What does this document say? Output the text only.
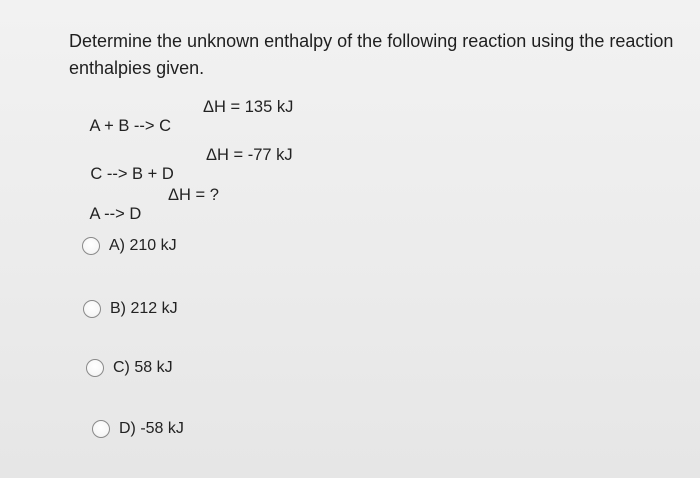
Determine the unknown enthalpy of the following reaction using the reaction enthalpies given.

A + B --> C

ΔH = 135 kJ

C --> B + D

ΔH = -77 kJ

A --> D

ΔH = ?

A) 210 kJ
B) 212 kJ
C) 58 kJ
D) -58 kJ
